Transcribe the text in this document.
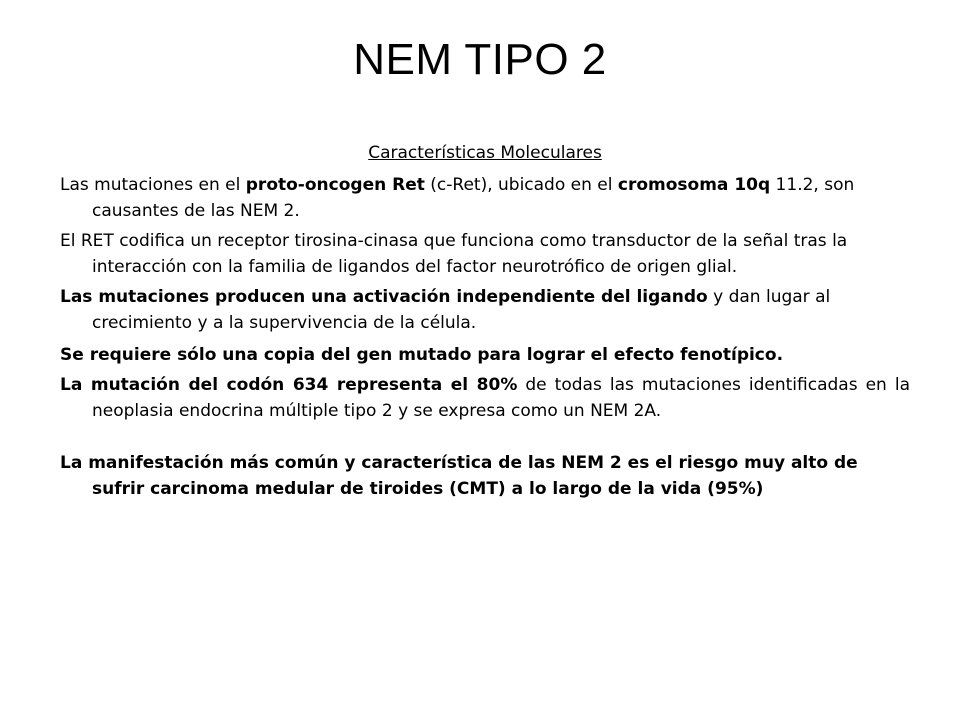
NEM TIPO 2
Características Moleculares

Las mutaciones en el proto-oncogen Ret (c-Ret), ubicado en el cromosoma 10q 11.2, son causantes de las NEM 2.

El RET codifica un receptor tirosina-cinasa que funciona como transductor de la señal tras la interacción con la familia de ligandos del factor neurotrófico de origen glial.

Las mutaciones producen una activación independiente del ligando y dan lugar al crecimiento y a la supervivencia de la célula.

Se requiere sólo una copia del gen mutado para lograr el efecto fenotípico.

La mutación del codón 634 representa el 80% de todas las mutaciones identificadas en la neoplasia endocrina múltiple tipo 2 y se expresa como un NEM 2A.

La manifestación más común y característica de las NEM 2 es el riesgo muy alto de sufrir carcinoma medular de tiroides (CMT) a lo largo de la vida (95%)
